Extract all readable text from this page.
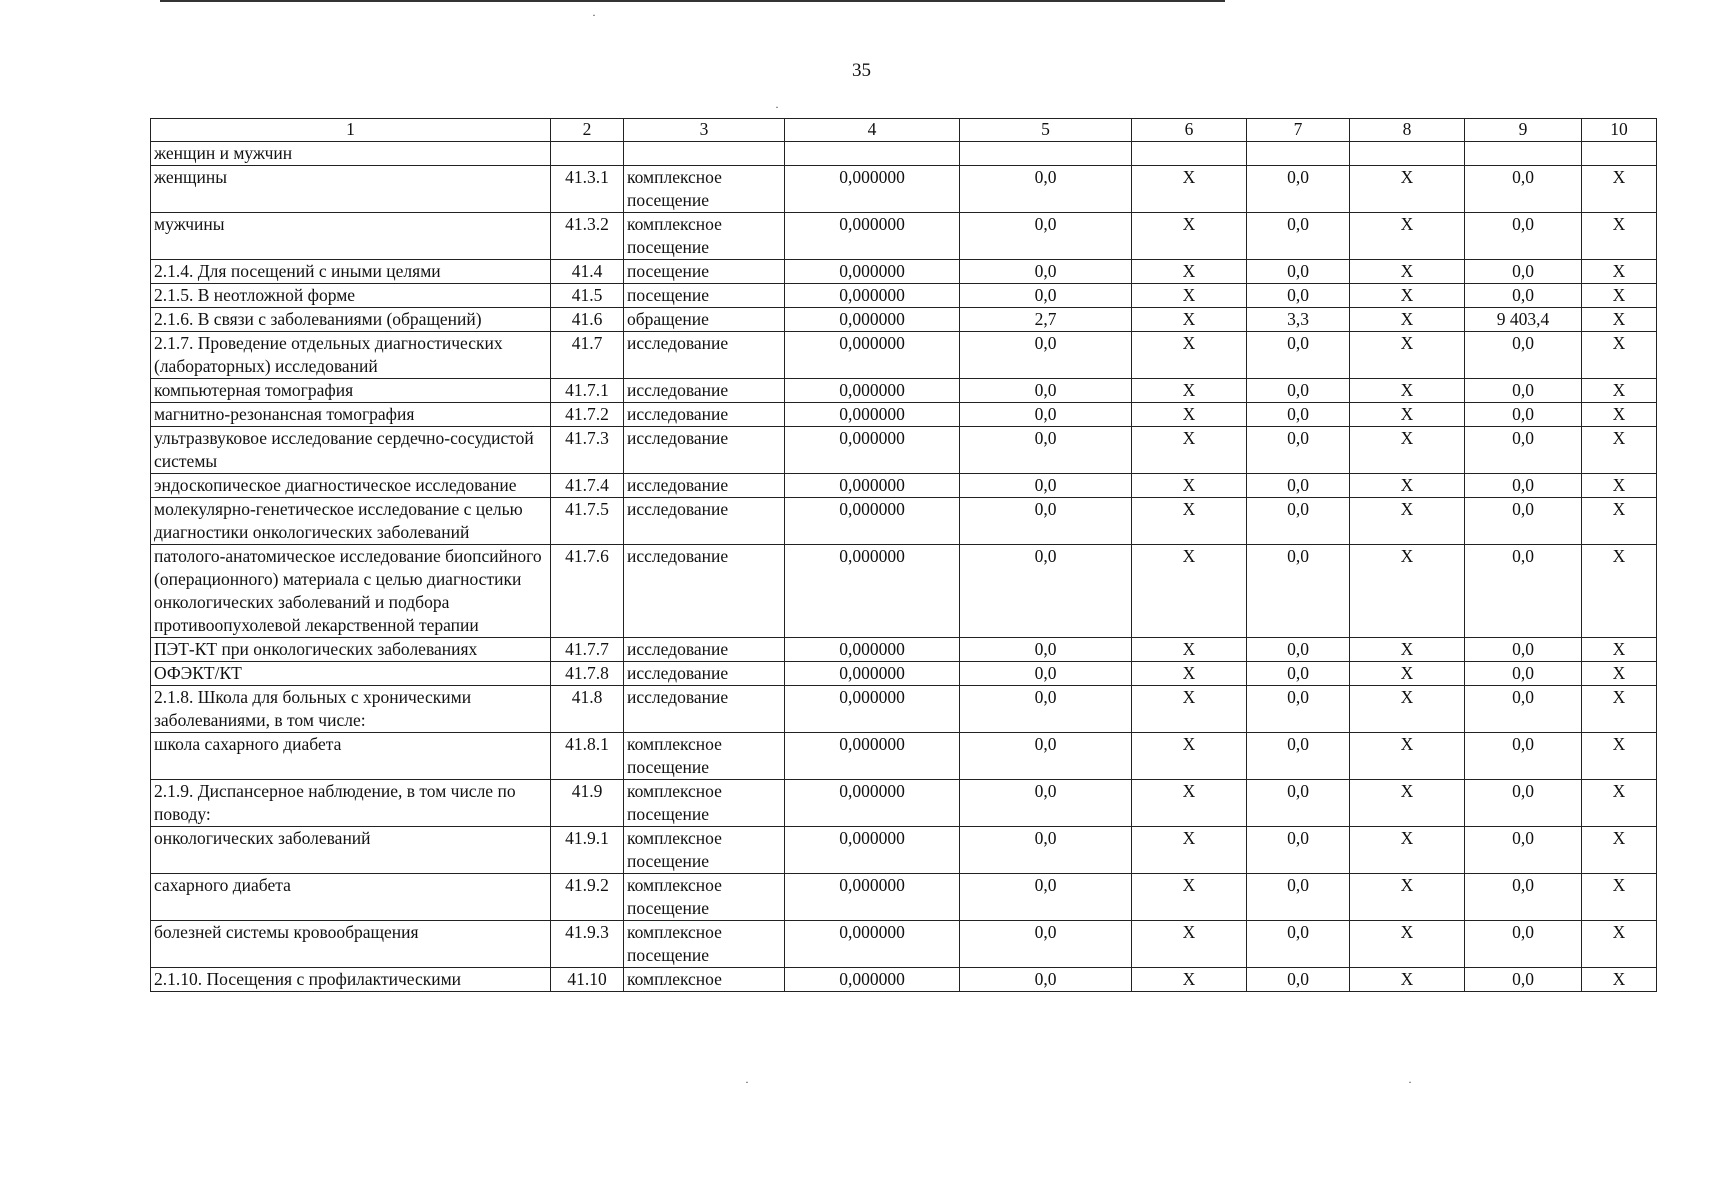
·
·
35
1	2	3	4	5	6	7	8	9	10
женщин и мужчин									
женщины	41.3.1	комплексное посещение	0,000000	0,0	X	0,0	X	0,0	X
мужчины	41.3.2	комплексное посещение	0,000000	0,0	X	0,0	X	0,0	X
2.1.4. Для посещений с иными целями	41.4	посещение	0,000000	0,0	X	0,0	X	0,0	X
2.1.5. В неотложной форме	41.5	посещение	0,000000	0,0	X	0,0	X	0,0	X
2.1.6. В связи с заболеваниями (обращений)	41.6	обращение	0,000000	2,7	X	3,3	X	9 403,4	X
2.1.7. Проведение отдельных диагностических (лабораторных) исследований	41.7	исследование	0,000000	0,0	X	0,0	X	0,0	X
компьютерная томография	41.7.1	исследование	0,000000	0,0	X	0,0	X	0,0	X
магнитно-резонансная томография	41.7.2	исследование	0,000000	0,0	X	0,0	X	0,0	X
ультразвуковое исследование сердечно-сосудистой системы	41.7.3	исследование	0,000000	0,0	X	0,0	X	0,0	X
эндоскопическое диагностическое исследование	41.7.4	исследование	0,000000	0,0	X	0,0	X	0,0	X
молекулярно-генетическое исследование с целью диагностики онкологических заболеваний	41.7.5	исследование	0,000000	0,0	X	0,0	X	0,0	X
патолого-анатомическое исследование биопсийного (операционного) материала с целью диагностики онкологических заболеваний и подбора противоопухолевой лекарственной терапии	41.7.6	исследование	0,000000	0,0	X	0,0	X	0,0	X
ПЭТ-КТ при онкологических заболеваниях	41.7.7	исследование	0,000000	0,0	X	0,0	X	0,0	X
ОФЭКТ/КТ	41.7.8	исследование	0,000000	0,0	X	0,0	X	0,0	X
2.1.8. Школа для больных с хроническими заболеваниями, в том числе:	41.8	исследование	0,000000	0,0	X	0,0	X	0,0	X
школа сахарного диабета	41.8.1	комплексное посещение	0,000000	0,0	X	0,0	X	0,0	X
2.1.9. Диспансерное наблюдение, в том числе по поводу:	41.9	комплексное посещение	0,000000	0,0	X	0,0	X	0,0	X
онкологических заболеваний	41.9.1	комплексное посещение	0,000000	0,0	X	0,0	X	0,0	X
сахарного диабета	41.9.2	комплексное посещение	0,000000	0,0	X	0,0	X	0,0	X
болезней системы кровообращения	41.9.3	комплексное посещение	0,000000	0,0	X	0,0	X	0,0	X
2.1.10. Посещения с профилактическими	41.10	комплексное	0,000000	0,0	X	0,0	X	0,0	X
·	·
